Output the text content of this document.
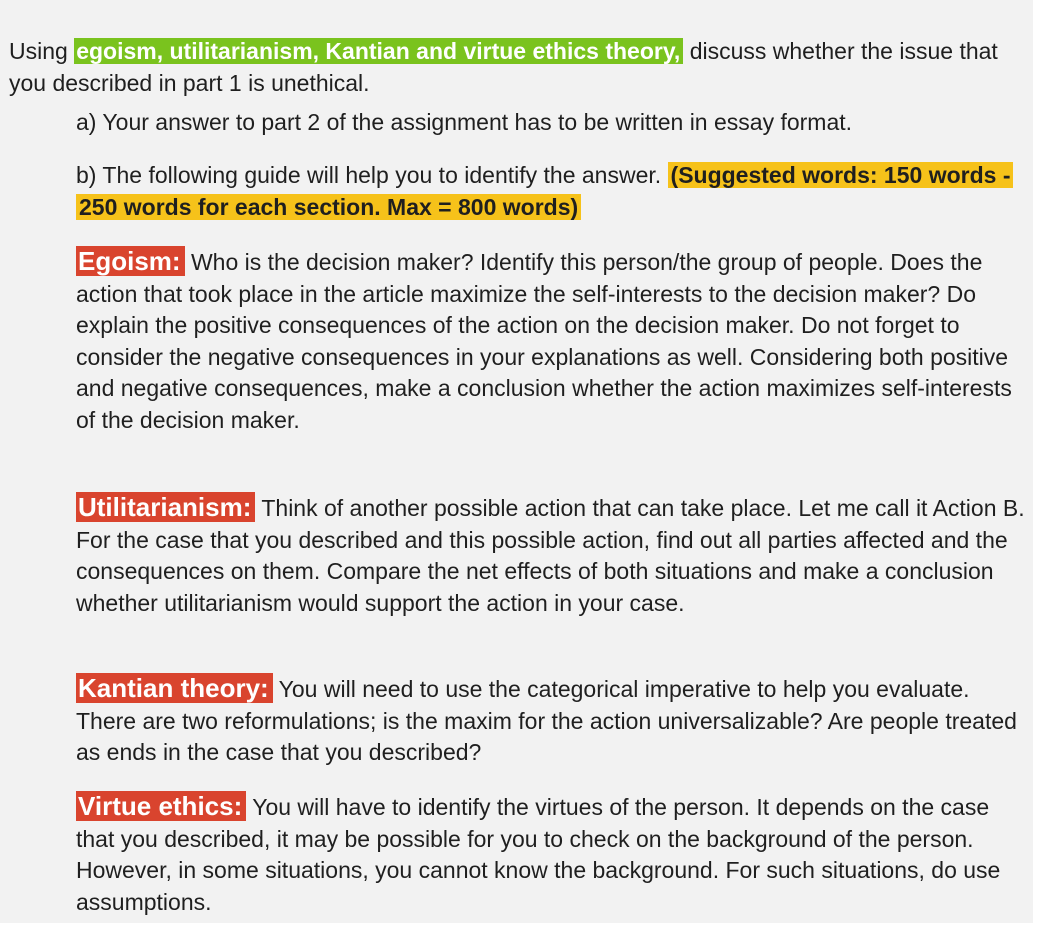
Using egoism, utilitarianism, Kantian and virtue ethics theory, discuss whether the issue that you described in part 1 is unethical.

a) Your answer to part 2 of the assignment has to be written in essay format.

b) The following guide will help you to identify the answer. (Suggested words: 150 words - 250 words for each section. Max = 800 words)

Egoism: Who is the decision maker? Identify this person/the group of people. Does the action that took place in the article maximize the self-interests to the decision maker? Do explain the positive consequences of the action on the decision maker. Do not forget to consider the negative consequences in your explanations as well. Considering both positive and negative consequences, make a conclusion whether the action maximizes self-interests of the decision maker.

Utilitarianism: Think of another possible action that can take place. Let me call it Action B. For the case that you described and this possible action, find out all parties affected and the consequences on them. Compare the net effects of both situations and make a conclusion whether utilitarianism would support the action in your case.

Kantian theory: You will need to use the categorical imperative to help you evaluate. There are two reformulations; is the maxim for the action universalizable? Are people treated as ends in the case that you described?

Virtue ethics: You will have to identify the virtues of the person. It depends on the case that you described, it may be possible for you to check on the background of the person. However, in some situations, you cannot know the background. For such situations, do use assumptions.
